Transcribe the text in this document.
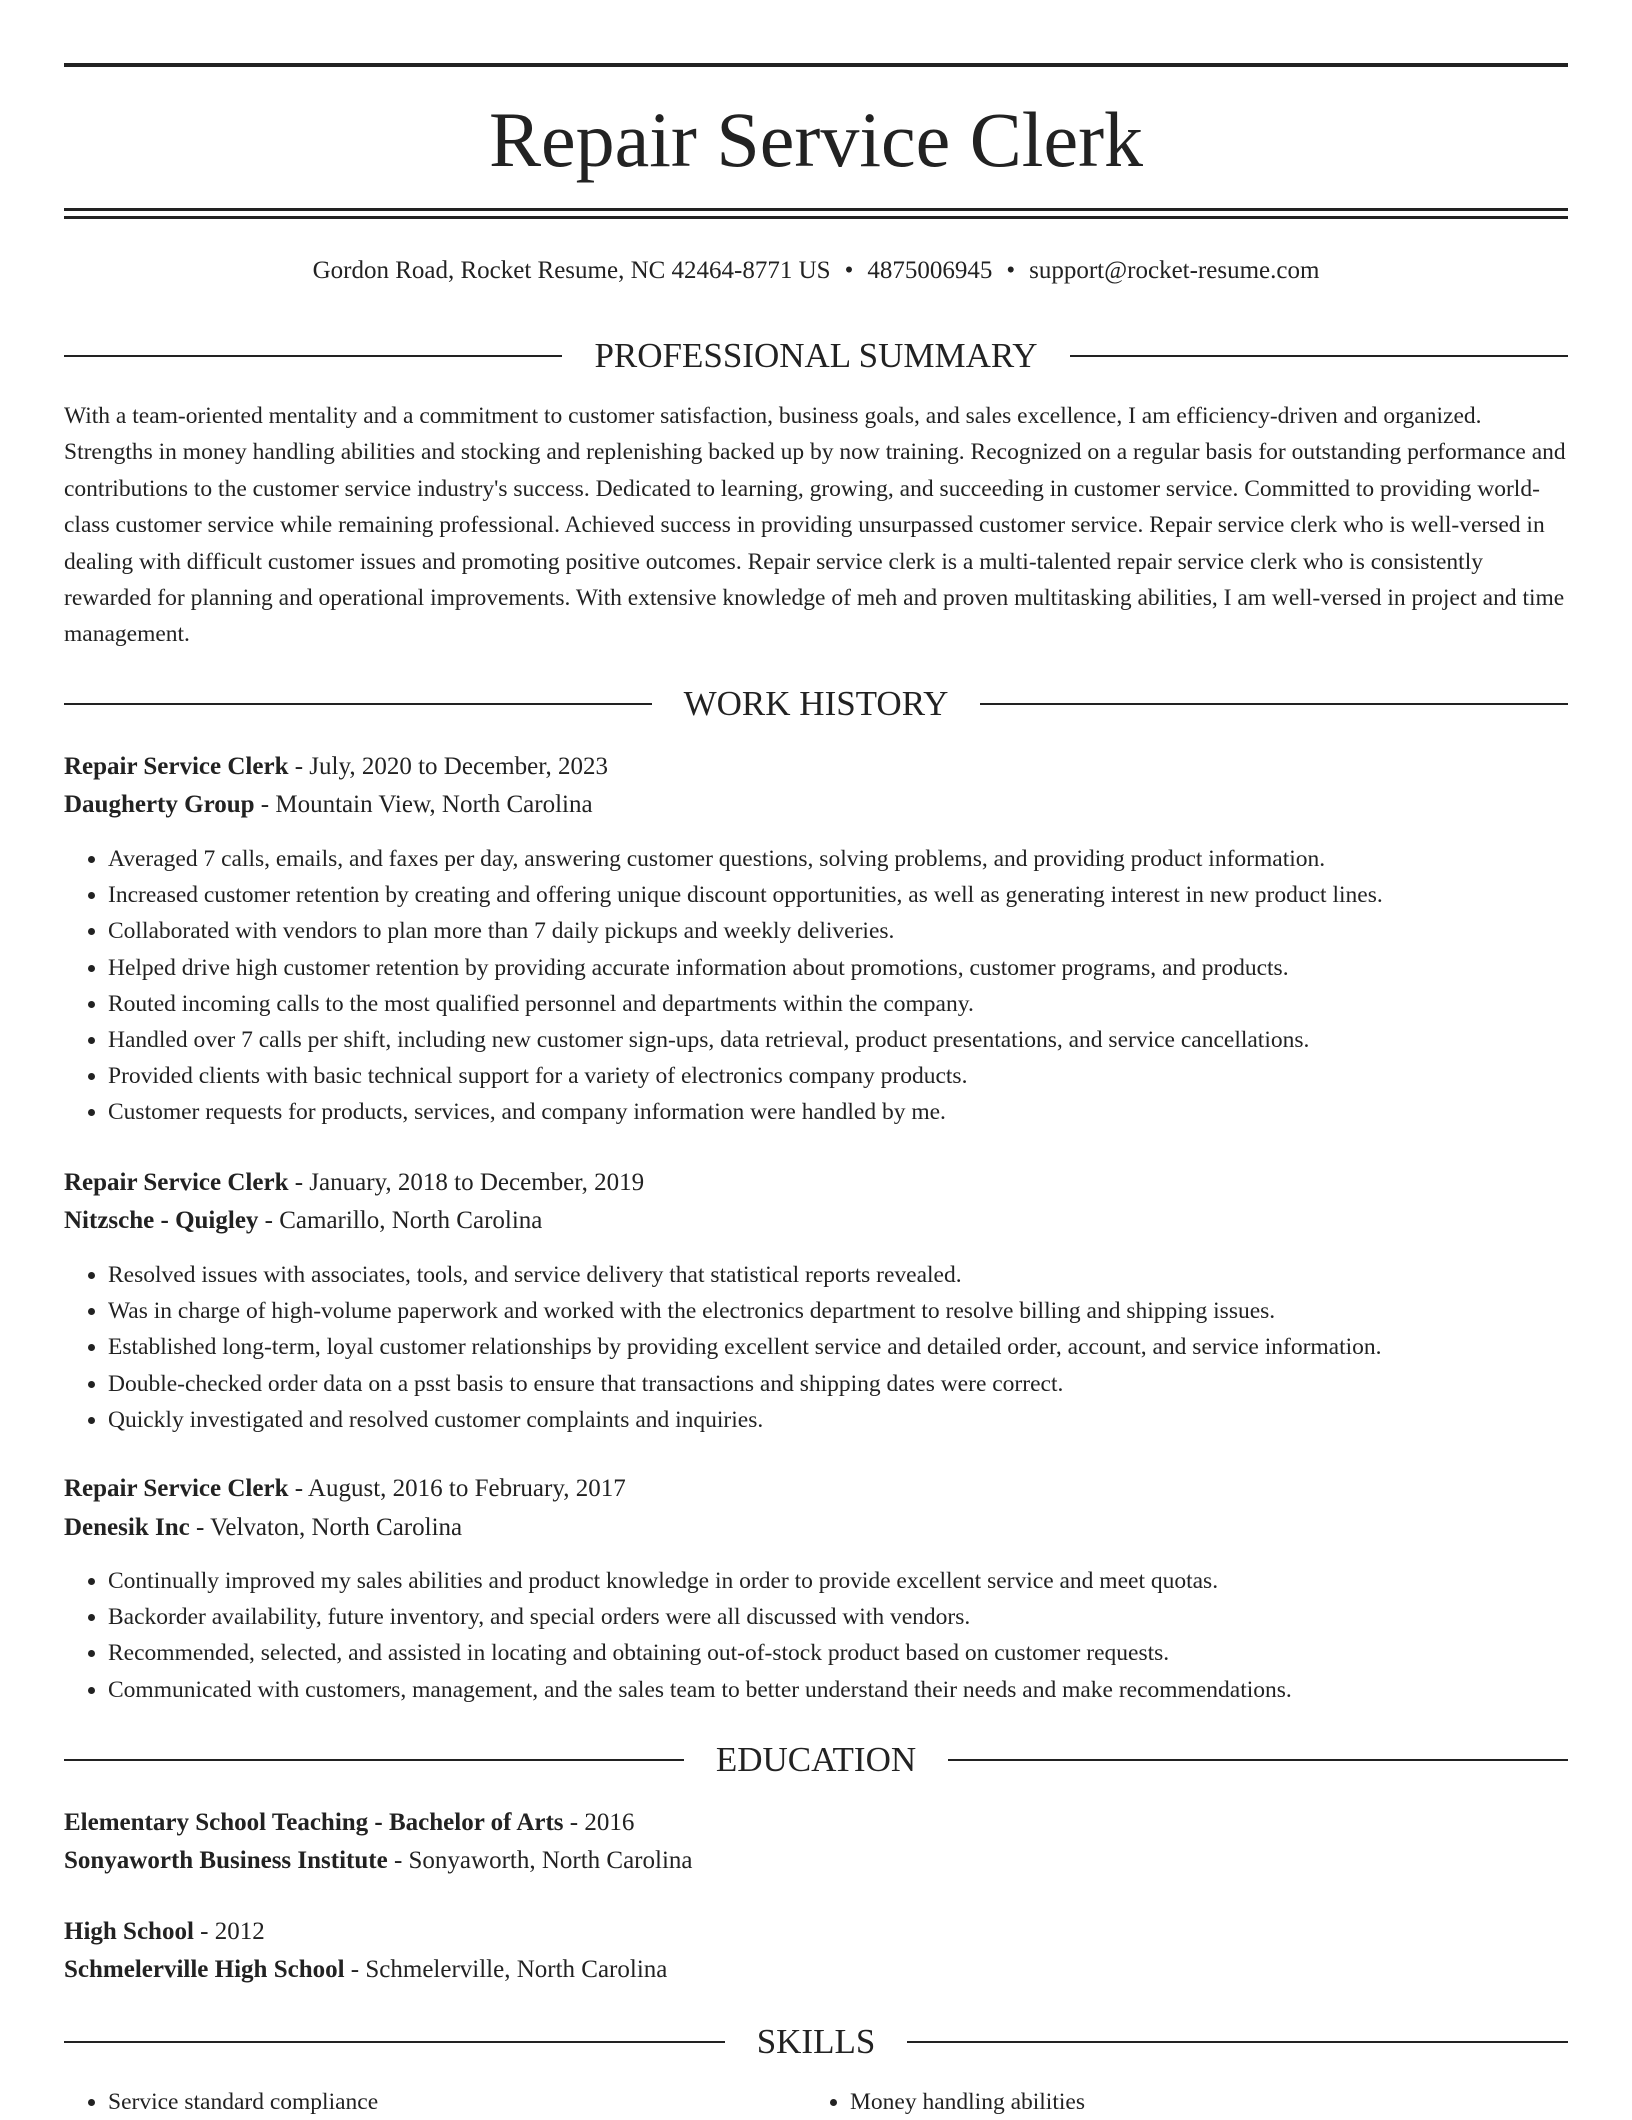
Repair Service Clerk
Gordon Road, Rocket Resume, NC 42464-8771 US • 4875006945 • support@rocket-resume.com
PROFESSIONAL SUMMARY

With a team-oriented mentality and a commitment to customer satisfaction, business goals, and sales excellence, I am efficiency-driven and organized. Strengths in money handling abilities and stocking and replenishing backed up by now training. Recognized on a regular basis for outstanding performance and contributions to the customer service industry's success. Dedicated to learning, growing, and succeeding in customer service. Committed to providing world-class customer service while remaining professional. Achieved success in providing unsurpassed customer service. Repair service clerk who is well-versed in dealing with difficult customer issues and promoting positive outcomes. Repair service clerk is a multi-talented repair service clerk who is consistently rewarded for planning and operational improvements. With extensive knowledge of meh and proven multitasking abilities, I am well-versed in project and time management.

WORK HISTORY
Repair Service Clerk - July, 2020 to December, 2023
Daugherty Group - Mountain View, North Carolina
• Averaged 7 calls, emails, and faxes per day, answering customer questions, solving problems, and providing product information.
• Increased customer retention by creating and offering unique discount opportunities, as well as generating interest in new product lines.
• Collaborated with vendors to plan more than 7 daily pickups and weekly deliveries.
• Helped drive high customer retention by providing accurate information about promotions, customer programs, and products.
• Routed incoming calls to the most qualified personnel and departments within the company.
• Handled over 7 calls per shift, including new customer sign-ups, data retrieval, product presentations, and service cancellations.
• Provided clients with basic technical support for a variety of electronics company products.
• Customer requests for products, services, and company information were handled by me.
Repair Service Clerk - January, 2018 to December, 2019
Nitzsche - Quigley - Camarillo, North Carolina
• Resolved issues with associates, tools, and service delivery that statistical reports revealed.
• Was in charge of high-volume paperwork and worked with the electronics department to resolve billing and shipping issues.
• Established long-term, loyal customer relationships by providing excellent service and detailed order, account, and service information.
• Double-checked order data on a psst basis to ensure that transactions and shipping dates were correct.
• Quickly investigated and resolved customer complaints and inquiries.
Repair Service Clerk - August, 2016 to February, 2017
Denesik Inc - Velvaton, North Carolina
• Continually improved my sales abilities and product knowledge in order to provide excellent service and meet quotas.
• Backorder availability, future inventory, and special orders were all discussed with vendors.
• Recommended, selected, and assisted in locating and obtaining out-of-stock product based on customer requests.
• Communicated with customers, management, and the sales team to better understand their needs and make recommendations.
EDUCATION
Elementary School Teaching - Bachelor of Arts - 2016
Sonyaworth Business Institute - Sonyaworth, North Carolina
High School - 2012
Schmelerville High School - Schmelerville, North Carolina
SKILLS
• Service standard compliance
•	Money handling abilities
